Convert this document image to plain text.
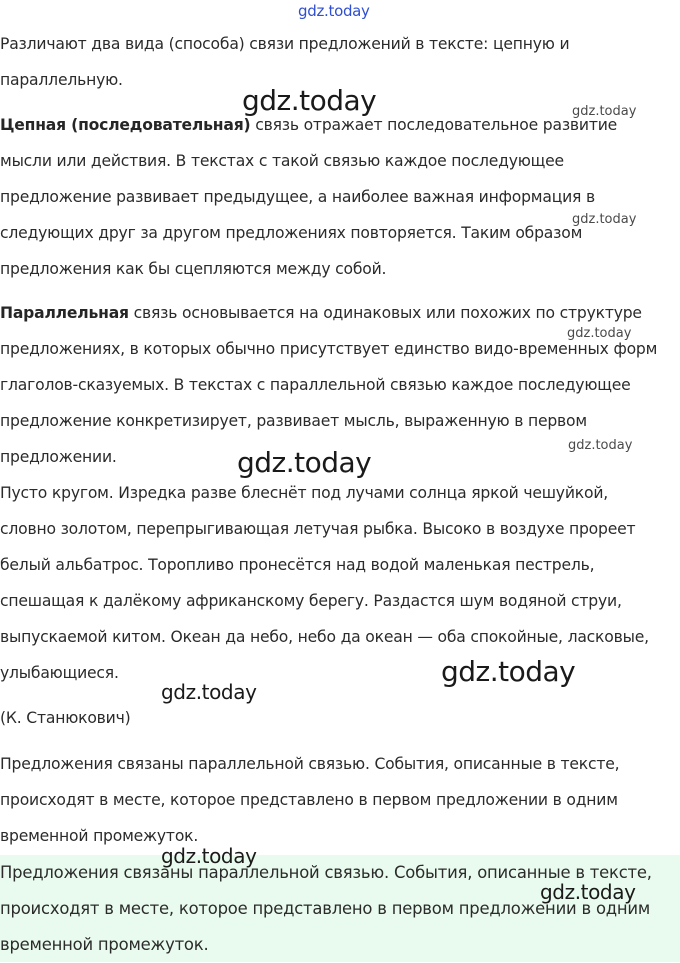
Различают два вида (способа) связи предложений в тексте: цепную и параллельную.

Цепная (последовательная) связь отражает последовательное развитие мысли или действия. В текстах с такой связью каждое последующее предложение развивает предыдущее, а наиболее важная информация в следующих друг за другом предложениях повторяется. Таким образом предложения как бы сцепляются между собой.

Параллельная связь основывается на одинаковых или похожих по структуре предложениях, в которых обычно присутствует единство видо-временных форм глаголов-сказуемых. В текстах с параллельной связью каждое последующее предложение конкретизирует, развивает мысль, выраженную в первом предложении.

Пусто кругом. Изредка разве блеснёт под лучами солнца яркой чешуйкой, словно золотом, перепрыгивающая летучая рыбка. Высоко в воздухе прореет белый альбатрос. Торопливо пронесётся над водой маленькая пестрель, спешащая к далёкому африканскому берегу. Раздастся шум водяной струи, выпускаемой китом. Океан да небо, небо да океан — оба спокойные, ласковые, улыбающиеся.

(К. Станюкович)

Предложения связаны параллельной связью. События, описанные в тексте, происходят в месте, которое представлено в первом предложении в одним временной промежуток.

Предложения связаны параллельной связью. События, описанные в тексте, происходят в месте, которое представлено в первом предложении в одним временной промежуток.

gdz.today
gdz.today	gdz.today
gdz.today
gdz.today
gdz.today
gdz.today
gdz.today
gdz.today
gdz.today
gdz.today
